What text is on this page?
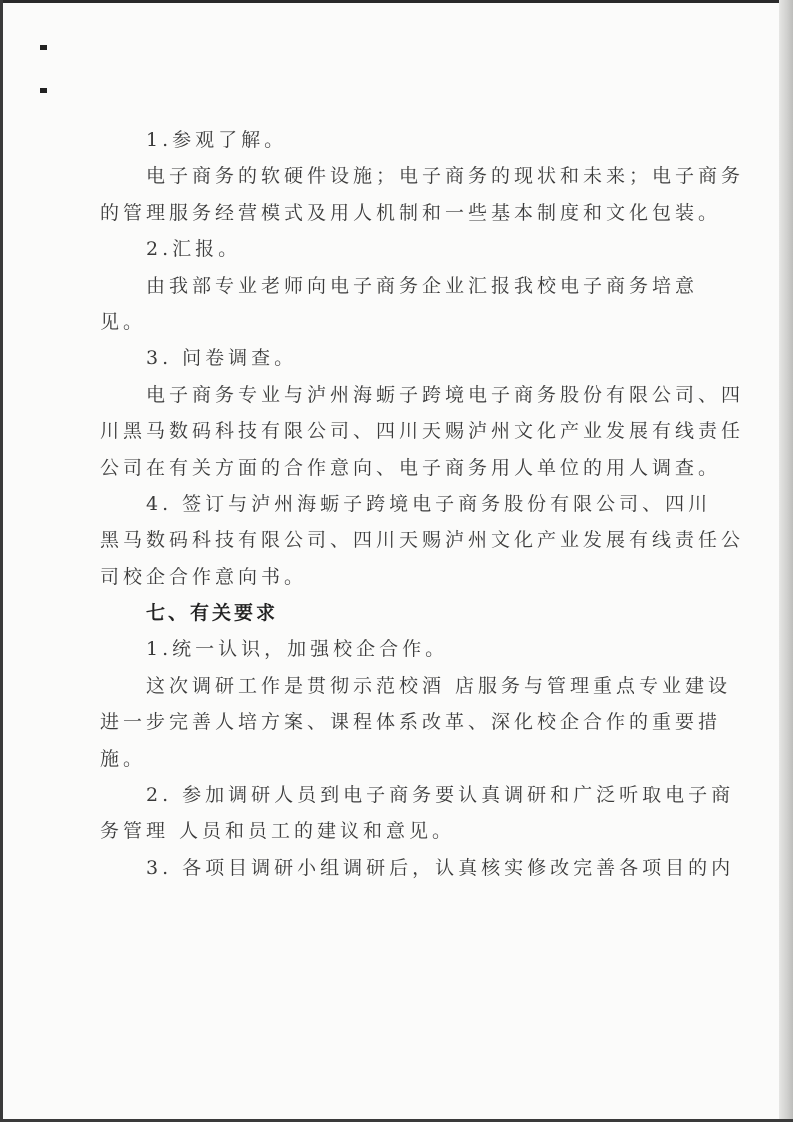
1.参观了解。
电子商务的软硬件设施；电子商务的现状和未来；电子商务
的管理服务经营模式及用人机制和一些基本制度和文化包装。
2.汇报。
由我部专业老师向电子商务企业汇报我校电子商务培意
见。
3. 问卷调查。
电子商务专业与泸州海蛎子跨境电子商务股份有限公司、四
川黑马数码科技有限公司、四川天赐泸州文化产业发展有线责任
公司在有关方面的合作意向、电子商务用人单位的用人调查。
4. 签订与泸州海蛎子跨境电子商务股份有限公司、四川
黑马数码科技有限公司、四川天赐泸州文化产业发展有线责任公
司校企合作意向书。
七、有关要求
1.统一认识，加强校企合作。
这次调研工作是贯彻示范校酒 店服务与管理重点专业建设
进一步完善人培方案、课程体系改革、深化校企合作的重要措
施。
2. 参加调研人员到电子商务要认真调研和广泛听取电子商
务管理 人员和员工的建议和意见。
3. 各项目调研小组调研后，认真核实修改完善各项目的内
